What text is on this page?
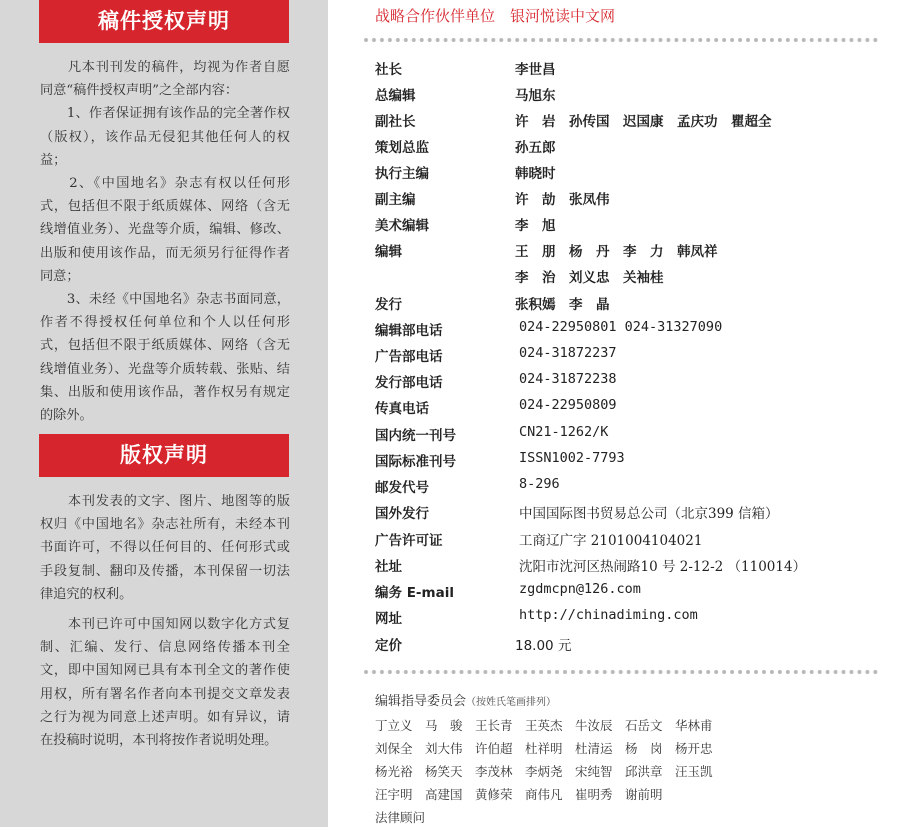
稿件授权声明
　　凡本刊刊发的稿件，均视为作者自愿同意“稿件授权声明”之全部内容：
　　1、作者保证拥有该作品的完全著作权（版权），该作品无侵犯其他任何人的权益；
　　2、《中国地名》杂志有权以任何形式，包括但不限于纸质媒体、网络（含无线增值业务）、光盘等介质，编辑、修改、出版和使用该作品，而无须另行征得作者同意；
　　3、未经《中国地名》杂志书面同意，作者不得授权任何单位和个人以任何形式，包括但不限于纸质媒体、网络（含无线增值业务）、光盘等介质转载、张贴、结集、出版和使用该作品，著作权另有规定的除外。
版权声明
　　本刊发表的文字、图片、地图等的版权归《中国地名》杂志社所有，未经本刊书面许可，不得以任何目的、任何形式或手段复制、翻印及传播，本刊保留一切法律追究的权利。
　　本刊已许可中国知网以数字化方式复制、汇编、发行、信息网络传播本刊全文，即中国知网已具有本刊全文的著作使用权，所有署名作者向本刊提交文章发表之行为视为同意上述声明。如有异议，请在投稿时说明，本刊将按作者说明处理。
战略合作伙伴单位　银河悦读中文网
社长	李世昌
总编辑	马旭东
副社长	许　岩　孙传国　迟国康　孟庆功　瞿超全
策划总监	孙五郎
执行主编	韩晓时
副主编	许　劼　张凤伟
美术编辑	李　旭
编辑	王　朋　杨　丹　李　力　韩凤祥
李　治　刘义忠　关袖桂
发行	张积嫣　李　晶
编辑部电话	024-22950801 024-31327090
广告部电话	024-31872237
发行部电话	024-31872238
传真电话	024-22950809
国内统一刊号	CN21-1262/K
国际标准刊号	ISSN1002-7793
邮发代号	8-296
国外发行	中国国际图书贸易总公司（北京399 信箱）
广告许可证	工商辽广字 2101004104021
社址	沈阳市沈河区热闹路10 号 2-12-2 （110014）
编务 E-mail	zgdmcpn@126.com
网址	http://chinadiming.com
定价	18.00 元
编辑指导委员会（按姓氏笔画排列）
丁立义　马　骏　王长青　王英杰　牛汝辰　石岳文　华林甫
刘保全　刘大伟　许伯超　杜祥明　杜清运　杨　岗　杨开忠
杨光裕　杨笑天　李茂林　李炳尧　宋纯智　邱洪章　汪玉凯
汪宇明　高建国　黄修荣　商伟凡　崔明秀　谢前明
法律顾问
